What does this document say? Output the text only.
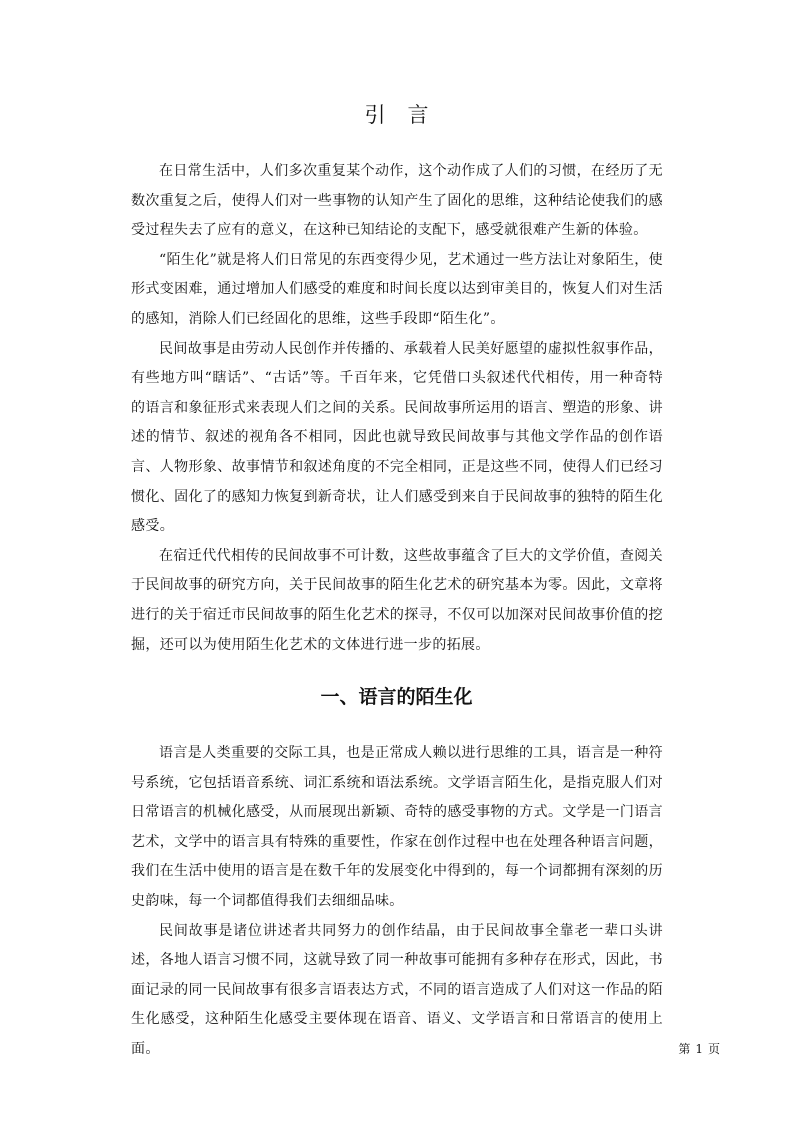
引言

在日常生活中，人们多次重复某个动作，这个动作成了人们的习惯，在经历了无数次重复之后，使得人们对一些事物的认知产生了固化的思维，这种结论使我们的感受过程失去了应有的意义，在这种已知结论的支配下，感受就很难产生新的体验。

“陌生化”就是将人们日常见的东西变得少见，艺术通过一些方法让对象陌生，使形式变困难，通过增加人们感受的难度和时间长度以达到审美目的，恢复人们对生活的感知，消除人们已经固化的思维，这些手段即“陌生化”。

民间故事是由劳动人民创作并传播的、承载着人民美好愿望的虚拟性叙事作品，有些地方叫“瞎话”、“古话”等。千百年来，它凭借口头叙述代代相传，用一种奇特的语言和象征形式来表现人们之间的关系。民间故事所运用的语言、塑造的形象、讲述的情节、叙述的视角各不相同，因此也就导致民间故事与其他文学作品的创作语言、人物形象、故事情节和叙述角度的不完全相同，正是这些不同，使得人们已经习惯化、固化了的感知力恢复到新奇状，让人们感受到来自于民间故事的独特的陌生化感受。

在宿迁代代相传的民间故事不可计数，这些故事蕴含了巨大的文学价值，查阅关于民间故事的研究方向，关于民间故事的陌生化艺术的研究基本为零。因此，文章将进行的关于宿迁市民间故事的陌生化艺术的探寻，不仅可以加深对民间故事价值的挖掘，还可以为使用陌生化艺术的文体进行进一步的拓展。

一、语言的陌生化

语言是人类重要的交际工具，也是正常成人赖以进行思维的工具，语言是一种符号系统，它包括语音系统、词汇系统和语法系统。文学语言陌生化，是指克服人们对日常语言的机械化感受，从而展现出新颖、奇特的感受事物的方式。文学是一门语言艺术，文学中的语言具有特殊的重要性，作家在创作过程中也在处理各种语言问题，我们在生活中使用的语言是在数千年的发展变化中得到的，每一个词都拥有深刻的历史韵味，每一个词都值得我们去细细品味。

民间故事是诸位讲述者共同努力的创作结晶，由于民间故事全靠老一辈口头讲述，各地人语言习惯不同，这就导致了同一种故事可能拥有多种存在形式，因此，书面记录的同一民间故事有很多言语表达方式，不同的语言造成了人们对这一作品的陌生化感受，这种陌生化感受主要体现在语音、语义、文学语言和日常语言的使用上面。	第 1 页
